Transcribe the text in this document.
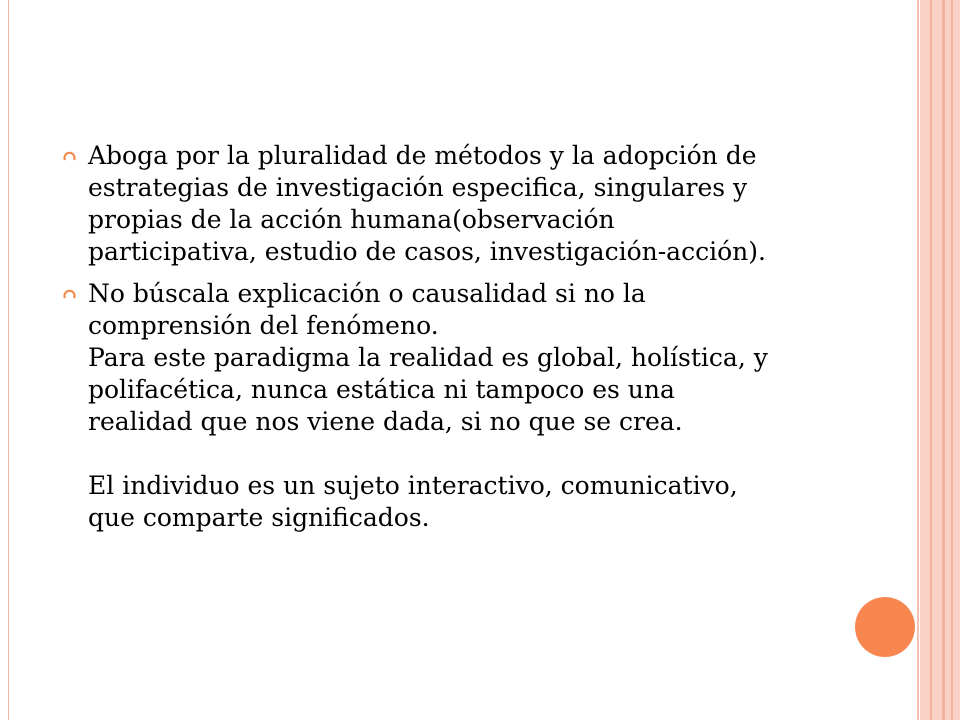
Aboga por la pluralidad de métodos y la adopción de estrategias de investigación especifica, singulares y propias de la acción humana(observación participativa, estudio de casos, investigación-acción).
No búscala explicación o causalidad si no la comprensión del fenómeno.
Para este paradigma la realidad es global, holística, y polifacética, nunca estática ni tampoco es una realidad que nos viene dada, si no que se crea.

El individuo es un sujeto interactivo, comunicativo, que comparte significados.
